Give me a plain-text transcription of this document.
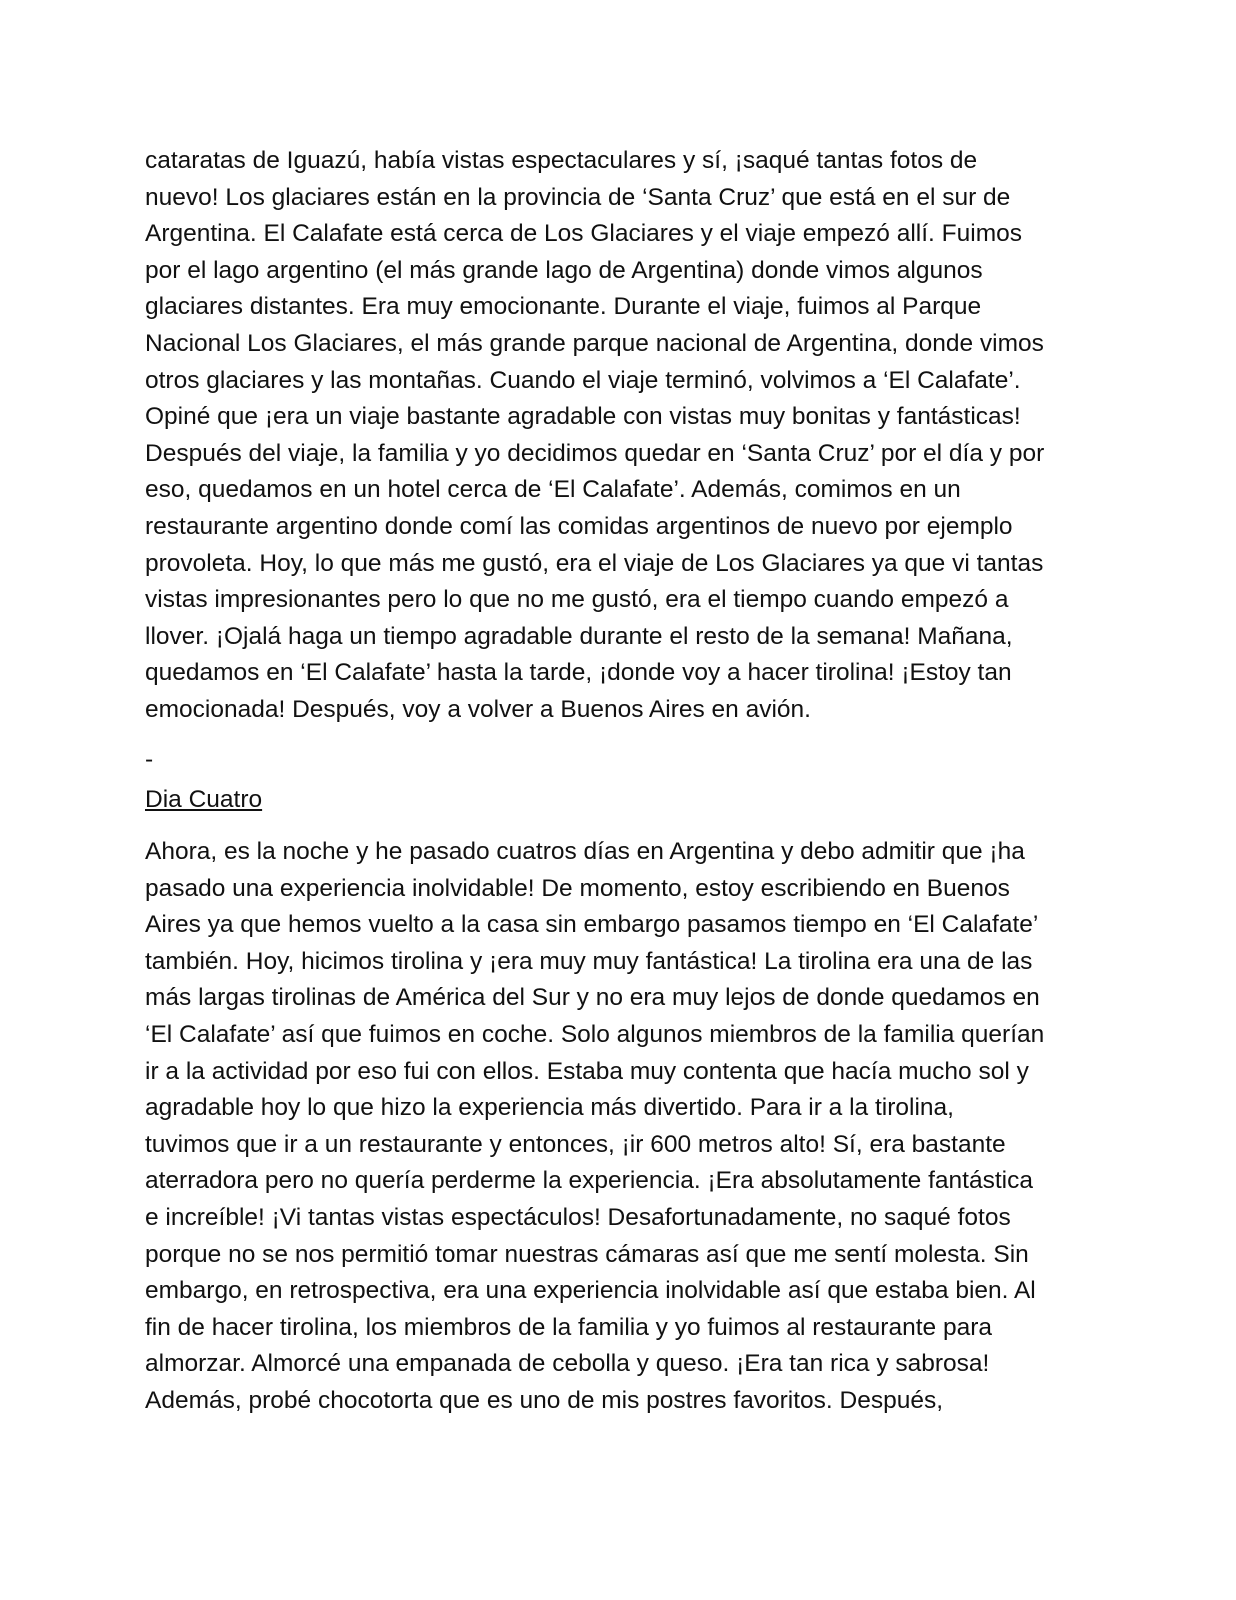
cataratas de Iguazú, había vistas espectaculares y sí, ¡saqué tantas fotos de
nuevo! Los glaciares están en la provincia de ‘Santa Cruz’ que está en el sur de
Argentina. El Calafate está cerca de Los Glaciares y el viaje empezó allí. Fuimos
por el lago argentino (el más grande lago de Argentina) donde vimos algunos
glaciares distantes. Era muy emocionante. Durante el viaje, fuimos al Parque
Nacional Los Glaciares, el más grande parque nacional de Argentina, donde vimos
otros glaciares y las montañas. Cuando el viaje terminó, volvimos a ‘El Calafate’.
Opiné que ¡era un viaje bastante agradable con vistas muy bonitas y fantásticas!
Después del viaje, la familia y yo decidimos quedar en ‘Santa Cruz’ por el día y por
eso, quedamos en un hotel cerca de ‘El Calafate’. Además, comimos en un
restaurante argentino donde comí las comidas argentinos de nuevo por ejemplo
provoleta. Hoy, lo que más me gustó, era el viaje de Los Glaciares ya que vi tantas
vistas impresionantes pero lo que no me gustó, era el tiempo cuando empezó a
llover. ¡Ojalá haga un tiempo agradable durante el resto de la semana! Mañana,
quedamos en ‘El Calafate’ hasta la tarde, ¡donde voy a hacer tirolina! ¡Estoy tan
emocionada! Después, voy a volver a Buenos Aires en avión.
-
Dia Cuatro
Ahora, es la noche y he pasado cuatros días en Argentina y debo admitir que ¡ha
pasado una experiencia inolvidable! De momento, estoy escribiendo en Buenos
Aires ya que hemos vuelto a la casa sin embargo pasamos tiempo en ‘El Calafate’
también. Hoy, hicimos tirolina y ¡era muy muy fantástica! La tirolina era una de las
más largas tirolinas de América del Sur y no era muy lejos de donde quedamos en
‘El Calafate’ así que fuimos en coche. Solo algunos miembros de la familia querían
ir a la actividad por eso fui con ellos. Estaba muy contenta que hacía mucho sol y
agradable hoy lo que hizo la experiencia más divertido. Para ir a la tirolina,
tuvimos que ir a un restaurante y entonces, ¡ir 600 metros alto! Sí, era bastante
aterradora pero no quería perderme la experiencia. ¡Era absolutamente fantástica
e increíble! ¡Vi tantas vistas espectáculos! Desafortunadamente, no saqué fotos
porque no se nos permitió tomar nuestras cámaras así que me sentí molesta. Sin
embargo, en retrospectiva, era una experiencia inolvidable así que estaba bien. Al
fin de hacer tirolina, los miembros de la familia y yo fuimos al restaurante para
almorzar. Almorcé una empanada de cebolla y queso. ¡Era tan rica y sabrosa!
Además, probé chocotorta que es uno de mis postres favoritos. Después,
